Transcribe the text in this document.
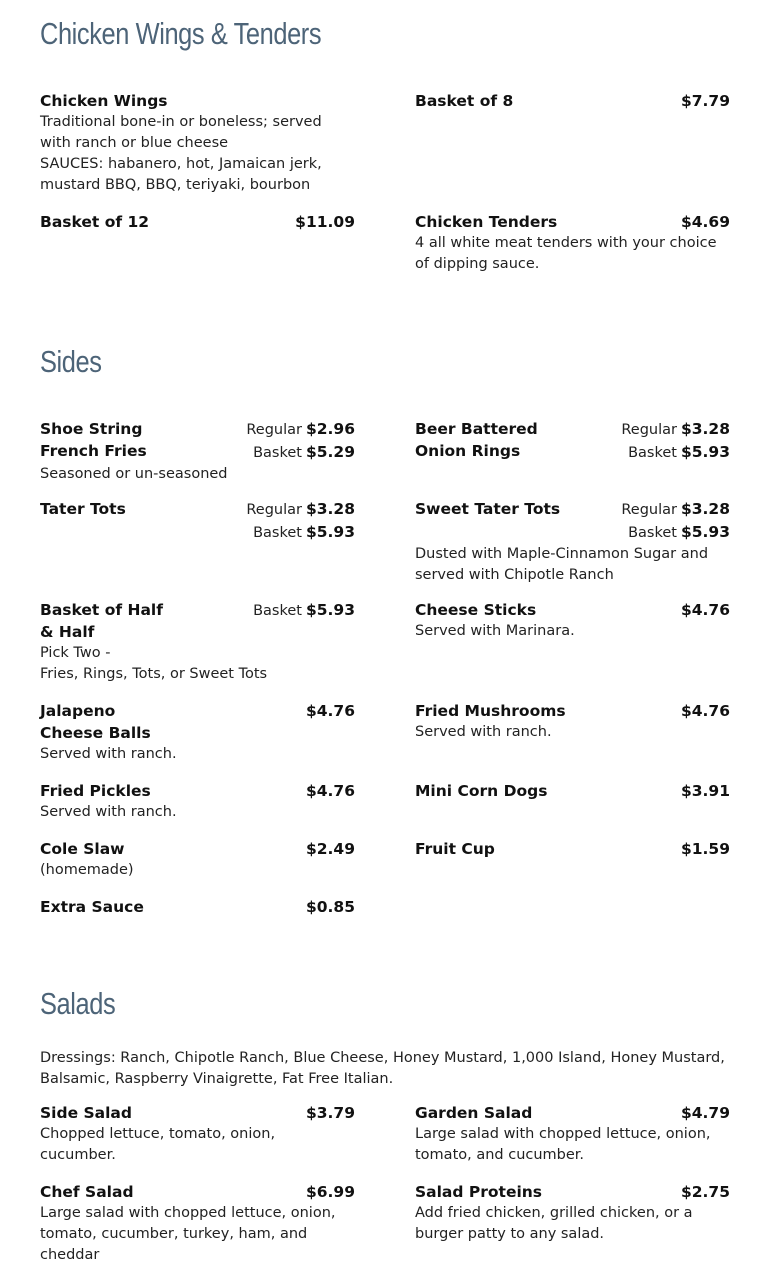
Chicken Wings & Tenders
Chicken Wings
Traditional bone-in or boneless; served with ranch or blue cheese
SAUCES: habanero, hot, Jamaican jerk, mustard BBQ, BBQ, teriyaki, bourbon
Basket of 8	$7.79
Basket of 12	$11.09	Chicken Tenders	$4.69
4 all white meat tenders with your choice of dipping sauce.
Sides
Shoe String French Fries
Regular $2.96
Basket $5.29
Seasoned or un-seasoned
Beer Battered Onion Rings
Regular $3.28
Basket $5.93
Tater Tots	Regular $3.28
Basket $5.93
Sweet Tater Tots	Regular $3.28
Basket $5.93
Dusted with Maple-Cinnamon Sugar and served with Chipotle Ranch
Basket of Half & Half
Basket $5.93
Pick Two -
Fries, Rings, Tots, or Sweet Tots
Cheese Sticks	$4.76
Served with Marinara.
Jalapeno Cheese Balls
$4.76
Served with ranch.
Fried Mushrooms	$4.76
Served with ranch.
Fried Pickles	$4.76
Served with ranch.
Mini Corn Dogs	$3.91
Cole Slaw	$2.49
(homemade)
Fruit Cup	$1.59
Extra Sauce	$0.85
Salads
Dressings: Ranch, Chipotle Ranch, Blue Cheese, Honey Mustard, 1,000 Island, Honey Mustard, Balsamic, Raspberry Vinaigrette, Fat Free Italian.
Side Salad	$3.79
Chopped lettuce, tomato, onion, cucumber.
Garden Salad	$4.79
Large salad with chopped lettuce, onion, tomato, and cucumber.
Chef Salad	$6.99
Large salad with chopped lettuce, onion, tomato, cucumber, turkey, ham, and cheddar
Salad Proteins	$2.75
Add fried chicken, grilled chicken, or a burger patty to any salad.
